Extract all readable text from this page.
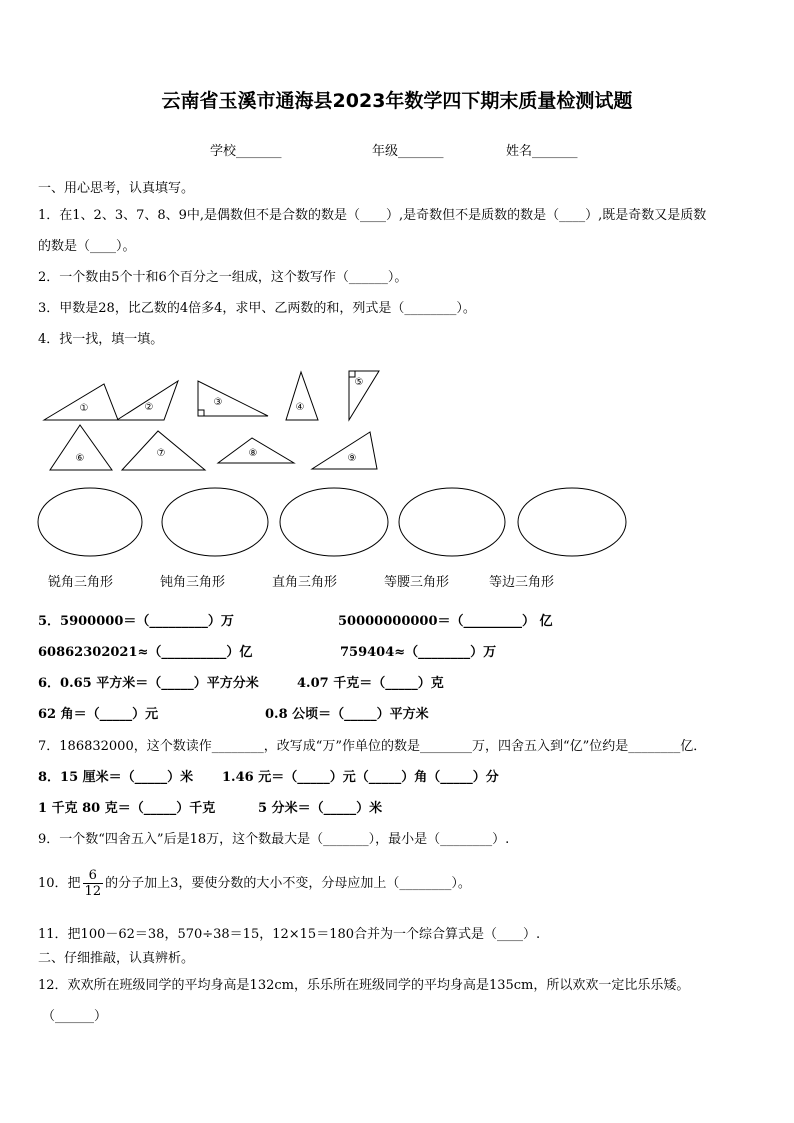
云南省玉溪市通海县2023年数学四下期末质量检测试题
学校_______	年级_______	姓名_______
一、用心思考，认真填写。
1．在1、2、3、7、8、9中,是偶数但不是合数的数是（____）,是奇数但不是质数的数是（____）,既是奇数又是质数
的数是（____）。
2．一个数由5个十和6个百分之一组成，这个数写作（______）。
3．甲数是28，比乙数的4倍多4，求甲、乙两数的和，列式是（________）。
4．找一找，填一填。
①	②	③	④
⑤
⑥	⑦	⑧	⑨
锐角三角形	钝角三角形	直角三角形	等腰三角形	等边三角形
5．5900000＝（_________）万	50000000000＝（_________） 亿
60862302021≈（__________）亿	759404≈（________）万
6．0.65 平方米＝（_____）平方分米	4.07 千克＝（_____）克
62 角＝（_____）元	0.8 公顷＝（_____）平方米
7．186832000，这个数读作________，改写成“万”作单位的数是________万，四舍五入到“亿”位约是________亿．
8．15 厘米＝（_____）米 1.46 元＝（_____）元（_____）角（_____）分
1 千克 80 克＝（_____）千克	5 分米＝（_____）米
9．一个数“四舍五入”后是18万，这个数最大是（_______），最小是（________）.
10．把 $\frac{6}{12}$ 的分子加上3，要使分数的大小不变，分母应加上（________）。
11．把100－62＝38，570÷38＝15，12×15＝180合并为一个综合算式是（____）.
二、仔细推敲，认真辨析。
12．欢欢所在班级同学的平均身高是132cm，乐乐所在班级同学的平均身高是135cm，所以欢欢一定比乐乐矮。
（______）
